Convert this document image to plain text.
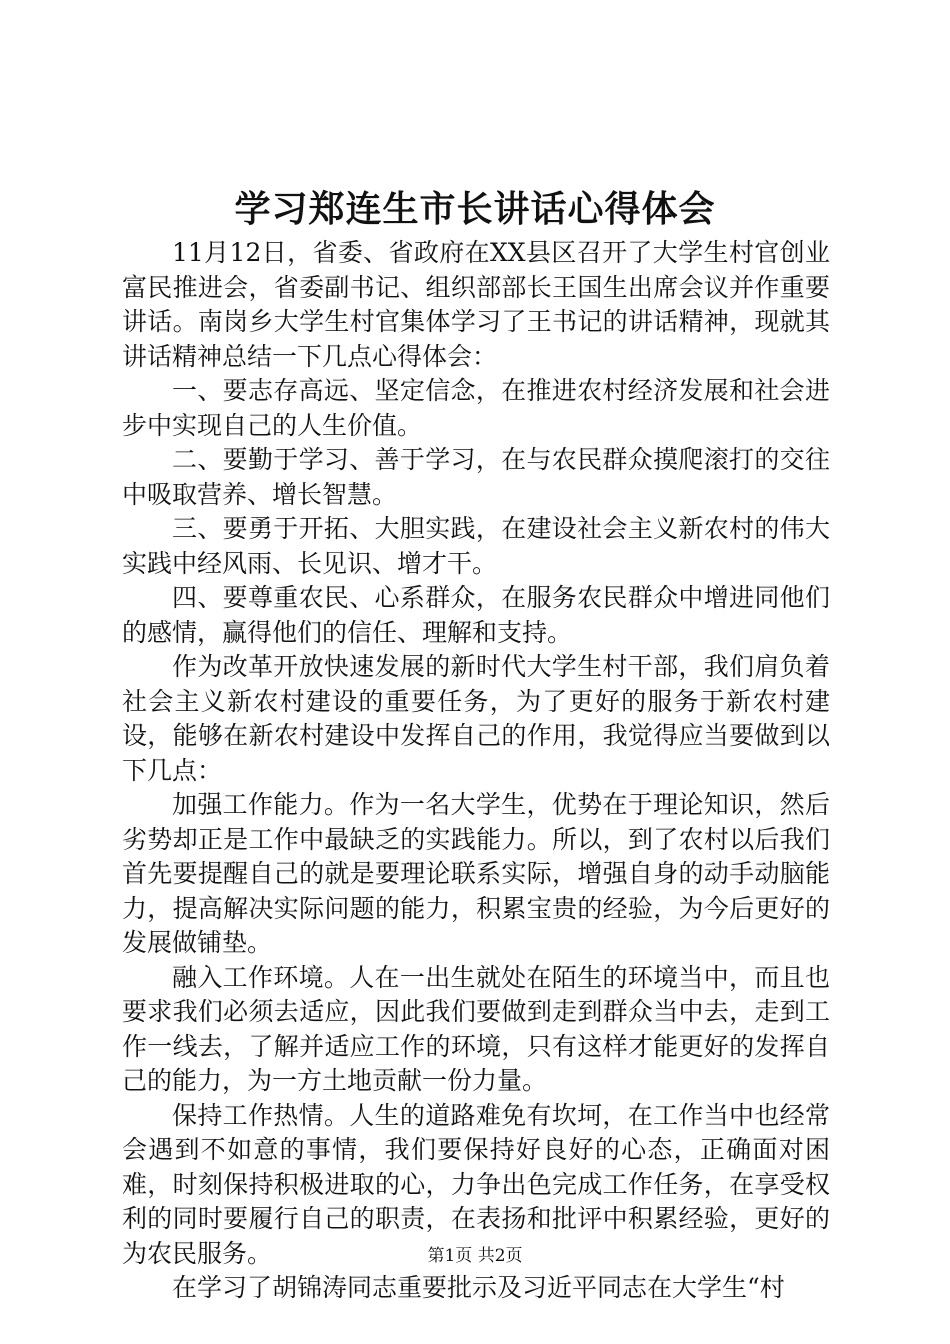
学习郑连生市长讲话心得体会

11月12日，省委、省政府在XX县区召开了大学生村官创业富民推进会，省委副书记、组织部部长王国生出席会议并作重要讲话。南岗乡大学生村官集体学习了王书记的讲话精神，现就其讲话精神总结一下几点心得体会：

一、要志存高远、坚定信念，在推进农村经济发展和社会进步中实现自己的人生价值。

二、要勤于学习、善于学习，在与农民群众摸爬滚打的交往中吸取营养、增长智慧。

三、要勇于开拓、大胆实践，在建设社会主义新农村的伟大实践中经风雨、长见识、增才干。

四、要尊重农民、心系群众，在服务农民群众中增进同他们的感情，赢得他们的信任、理解和支持。

作为改革开放快速发展的新时代大学生村干部，我们肩负着社会主义新农村建设的重要任务，为了更好的服务于新农村建设，能够在新农村建设中发挥自己的作用，我觉得应当要做到以下几点：

加强工作能力。作为一名大学生，优势在于理论知识，然后劣势却正是工作中最缺乏的实践能力。所以，到了农村以后我们首先要提醒自己的就是要理论联系实际，增强自身的动手动脑能力，提高解决实际问题的能力，积累宝贵的经验，为今后更好的发展做铺垫。

融入工作环境。人在一出生就处在陌生的环境当中，而且也要求我们必须去适应，因此我们要做到走到群众当中去，走到工作一线去，了解并适应工作的环境，只有这样才能更好的发挥自己的能力，为一方土地贡献一份力量。

保持工作热情。人生的道路难免有坎坷，在工作当中也经常会遇到不如意的事情，我们要保持好良好的心态，正确面对困难，时刻保持积极进取的心，力争出色完成工作任务，在享受权利的同时要履行自己的职责，在表扬和批评中积累经验，更好的为农民服务。

在学习了胡锦涛同志重要批示及习近平同志在大学生“村

第1页 共2页
